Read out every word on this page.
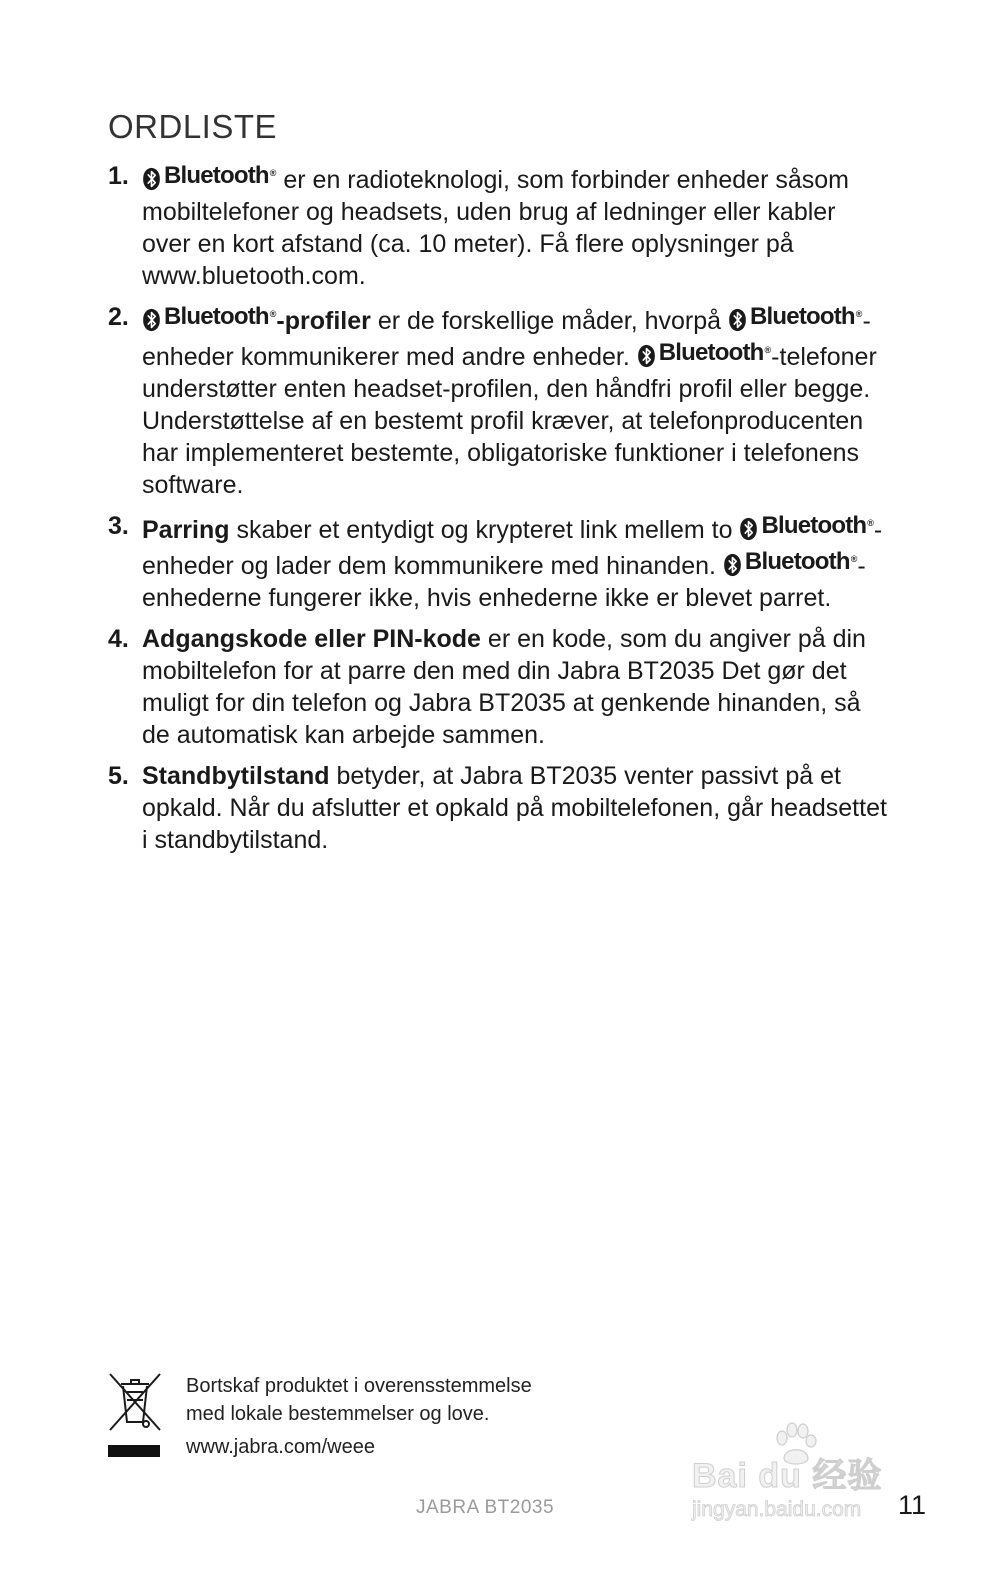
ORDLISTE
1. Bluetooth® er en radioteknologi, som forbinder enheder såsom mobiltelefoner og headsets, uden brug af ledninger eller kabler over en kort afstand (ca. 10 meter). Få flere oplysninger på www.bluetooth.com.
2. Bluetooth® -profiler er de forskellige måder, hvorpå Bluetooth® -enheder kommunikerer med andre enheder. Bluetooth® -telefoner understøtter enten headset-profilen, den håndfri profil eller begge. Understøttelse af en bestemt profil kræver, at telefonproducenten har implementeret bestemte, obligatoriske funktioner i telefonens software.
3. Parring skaber et entydigt og krypteret link mellem to Bluetooth® -enheder og lader dem kommunikere med hinanden. Bluetooth® -enhederne fungerer ikke, hvis enhederne ikke er blevet parret.
4. Adgangskode eller PIN-kode er en kode, som du angiver på din mobiltelefon for at parre den med din Jabra BT2035 Det gør det muligt for din telefon og Jabra BT2035 at genkende hinanden, så de automatisk kan arbejde sammen.
5. Standbytilstand betyder, at Jabra BT2035 venter passivt på et opkald. Når du afslutter et opkald på mobiltelefonen, går headsettet i standbytilstand.
Bortskaf produktet i overensstemmelse
med lokale bestemmelser og love.
www.jabra.com/weee
JABRA BT2035	11
Bai du 经验
jingyan.baidu.com
